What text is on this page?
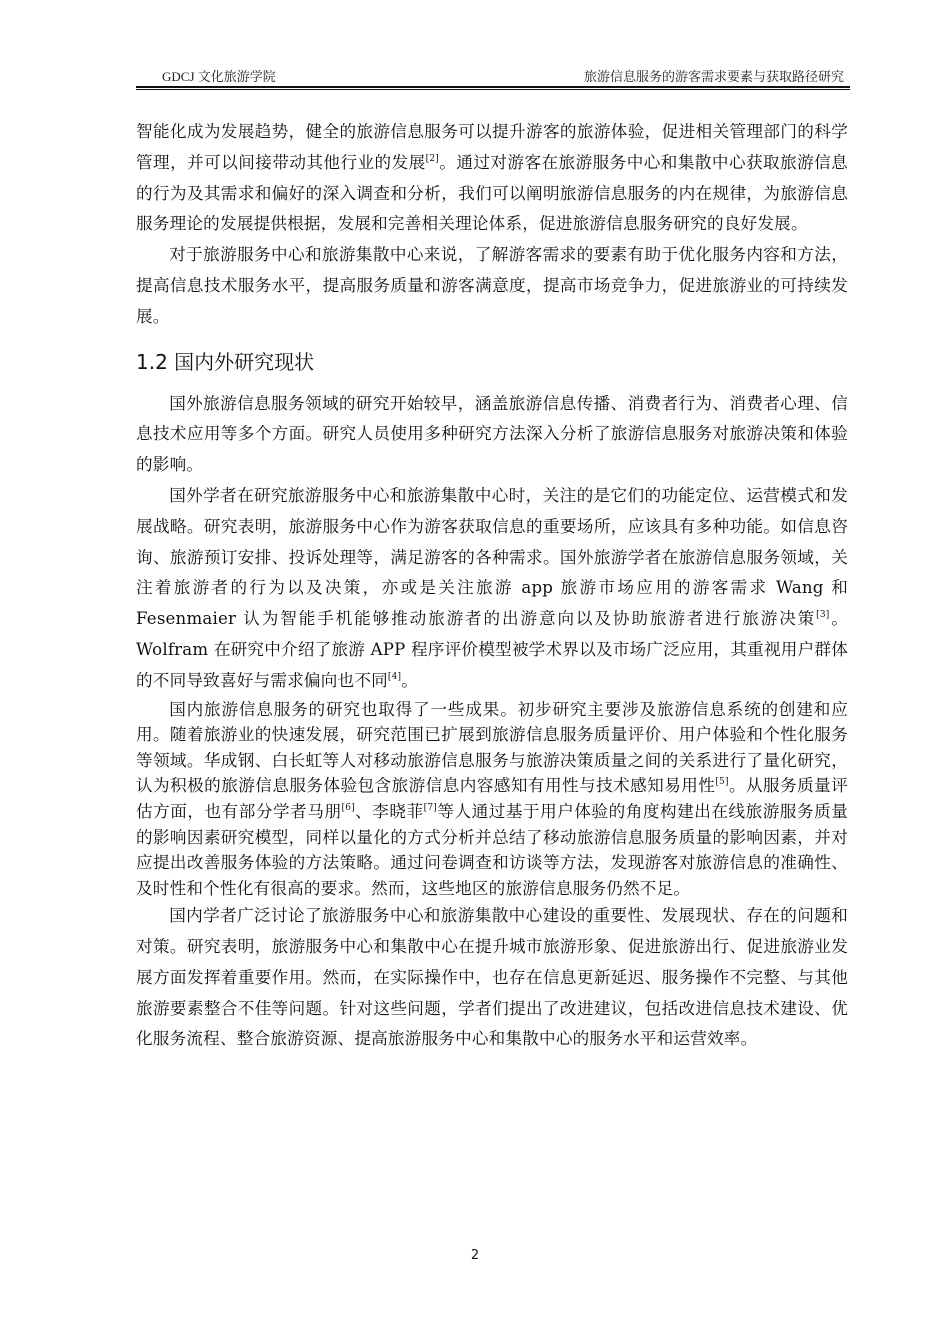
GDCJ 文化旅游学院	旅游信息服务的游客需求要素与获取路径研究

智能化成为发展趋势，健全的旅游信息服务可以提升游客的旅游体验，促进相关管理部门的科学管理，并可以间接带动其他行业的发展[2]。通过对游客在旅游服务中心和集散中心获取旅游信息的行为及其需求和偏好的深入调查和分析，我们可以阐明旅游信息服务的内在规律，为旅游信息服务理论的发展提供根据，发展和完善相关理论体系，促进旅游信息服务研究的良好发展。

对于旅游服务中心和旅游集散中心来说，了解游客需求的要素有助于优化服务内容和方法，提高信息技术服务水平，提高服务质量和游客满意度，提高市场竞争力，促进旅游业的可持续发展。

1.2 国内外研究现状

国外旅游信息服务领域的研究开始较早，涵盖旅游信息传播、消费者行为、消费者心理、信息技术应用等多个方面。研究人员使用多种研究方法深入分析了旅游信息服务对旅游决策和体验的影响。

国外学者在研究旅游服务中心和旅游集散中心时，关注的是它们的功能定位、运营模式和发展战略。研究表明，旅游服务中心作为游客获取信息的重要场所，应该具有多种功能。如信息咨询、旅游预订安排、投诉处理等，满足游客的各种需求。国外旅游学者在旅游信息服务领域，关注着旅游者的行为以及决策，亦或是关注旅游 app 旅游市场应用的游客需求 Wang 和 Fesenmaier 认为智能手机能够推动旅游者的出游意向以及协助旅游者进行旅游决策[3]。Wolfram 在研究中介绍了旅游 APP 程序评价模型被学术界以及市场广泛应用，其重视用户群体的不同导致喜好与需求偏向也不同[4]。

国内旅游信息服务的研究也取得了一些成果。初步研究主要涉及旅游信息系统的创建和应用。随着旅游业的快速发展，研究范围已扩展到旅游信息服务质量评价、用户体验和个性化服务等领域。华成钢、白长虹等人对移动旅游信息服务与旅游决策质量之间的关系进行了量化研究，认为积极的旅游信息服务体验包含旅游信息内容感知有用性与技术感知易用性[5]。从服务质量评估方面，也有部分学者马朋[6]、李晓菲[7]等人通过基于用户体验的角度构建出在线旅游服务质量的影响因素研究模型，同样以量化的方式分析并总结了移动旅游信息服务质量的影响因素，并对应提出改善服务体验的方法策略。通过问卷调查和访谈等方法，发现游客对旅游信息的准确性、及时性和个性化有很高的要求。然而，这些地区的旅游信息服务仍然不足。

国内学者广泛讨论了旅游服务中心和旅游集散中心建设的重要性、发展现状、存在的问题和对策。研究表明，旅游服务中心和集散中心在提升城市旅游形象、促进旅游出行、促进旅游业发展方面发挥着重要作用。然而，在实际操作中，也存在信息更新延迟、服务操作不完整、与其他旅游要素整合不佳等问题。针对这些问题，学者们提出了改进建议，包括改进信息技术建设、优化服务流程、整合旅游资源、提高旅游服务中心和集散中心的服务水平和运营效率。

2
